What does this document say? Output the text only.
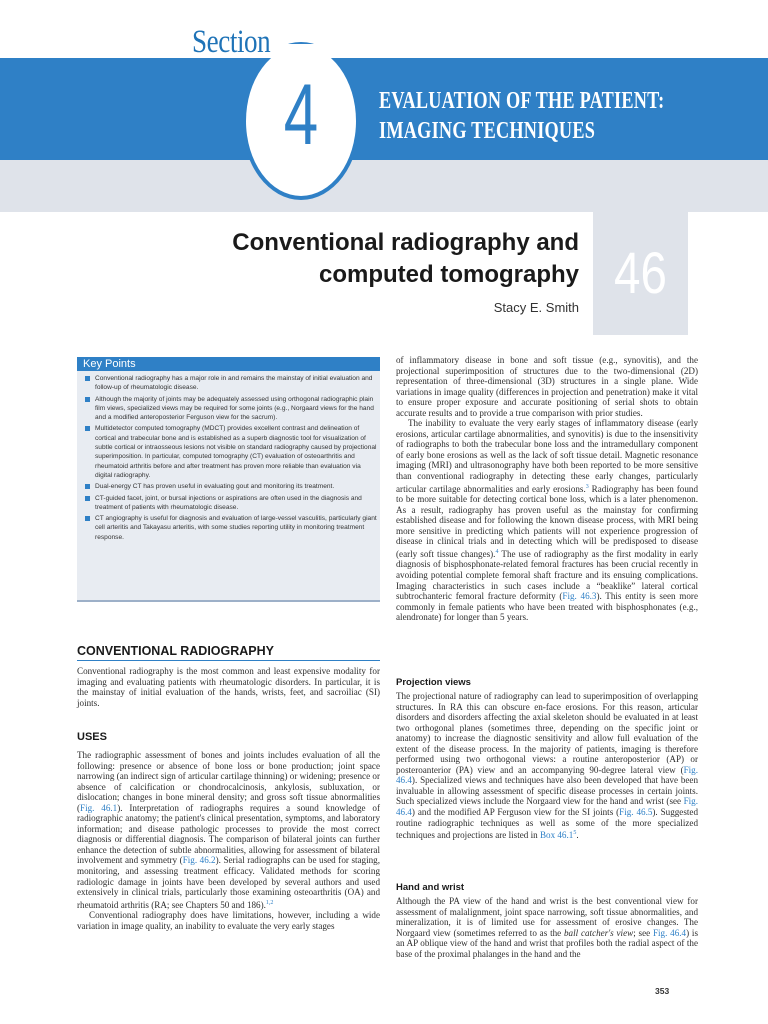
Section
4	EVALUATION OF THE PATIENT:
IMAGING TECHNIQUES
46
Conventional radiography and
computed tomography
Stacy E. Smith
Key Points
Conventional radiography has a major role in and remains the mainstay of initial evaluation and follow-up of rheumatologic disease.
Although the majority of joints may be adequately assessed using orthogonal radiographic plain film views, specialized views may be required for some joints (e.g., Norgaard views for the hand and a modified anteroposterior Ferguson view for the sacrum).
Multidetector computed tomography (MDCT) provides excellent contrast and delineation of cortical and trabecular bone and is established as a superb diagnostic tool for visualization of subtle cortical or intraosseous lesions not visible on standard radiography caused by projectional superimposition. In particular, computed tomography (CT) evaluation of osteoarthritis and rheumatoid arthritis before and after treatment has proven more reliable than evaluation via digital radiography.
Dual-energy CT has proven useful in evaluating gout and monitoring its treatment.
CT-guided facet, joint, or bursal injections or aspirations are often used in the diagnosis and treatment of patients with rheumatologic disease.
CT angiography is useful for diagnosis and evaluation of large-vessel vasculitis, particularly giant cell arteritis and Takayasu arteritis, with some studies reporting utility in monitoring treatment response.
CONVENTIONAL RADIOGRAPHY

Conventional radiography is the most common and least expensive modality for imaging and evaluating patients with rheumatologic disorders. In particular, it is the mainstay of initial evaluation of the hands, wrists, feet, and sacroiliac (SI) joints.

USES

The radiographic assessment of bones and joints includes evaluation of all the following: presence or absence of bone loss or bone production; joint space narrowing (an indirect sign of articular cartilage thinning) or widening; presence or absence of calcification or chondrocalcinosis, ankylosis, subluxation, or dislocation; changes in bone mineral density; and gross soft tissue abnormalities (Fig. 46.1). Interpretation of radiographs requires a sound knowledge of radiographic anatomy; the patient's clinical presentation, symptoms, and laboratory information; and disease pathologic processes to provide the most correct diagnosis or differential diagnosis. The comparison of bilateral joints can further enhance the detection of subtle abnormalities, allowing for assessment of bilateral involvement and symmetry (Fig. 46.2). Serial radiographs can be used for staging, monitoring, and assessing treatment efficacy. Validated methods for scoring radiologic damage in joints have been developed by several authors and used extensively in clinical trials, particularly those examining osteoarthritis (OA) and rheumatoid arthritis (RA; see Chapters 50 and 186).$^{1,2}$

Conventional radiography does have limitations, however, including a wide variation in image quality, an inability to evaluate the very early stages

of inflammatory disease in bone and soft tissue (e.g., synovitis), and the projectional superimposition of structures due to the two-dimensional (2D) representation of three-dimensional (3D) structures in a single plane. Wide variations in image quality (differences in projection and penetration) make it vital to ensure proper exposure and accurate positioning of serial shots to obtain accurate results and to provide a true comparison with prior studies.

The inability to evaluate the very early stages of inflammatory disease (early erosions, articular cartilage abnormalities, and synovitis) is due to the insensitivity of radiographs to both the trabecular bone loss and the intramedullary component of early bone erosions as well as the lack of soft tissue detail. Magnetic resonance imaging (MRI) and ultrasonography have both been reported to be more sensitive than conventional radiography in detecting these early changes, particularly articular cartilage abnormalities and early erosions.$^3$ Radiography has been found to be more suitable for detecting cortical bone loss, which is a later phenomenon. As a result, radiography has proven useful as the mainstay for confirming established disease and for following the known disease process, with MRI being more sensitive in predicting which patients will not experience progression of disease in clinical trials and in detecting which will be predisposed to disease (early soft tissue changes).$^4$ The use of radiography as the first modality in early diagnosis of bisphosphonate-related femoral fractures has been crucial recently in avoiding potential complete femoral shaft fracture and its ensuing complications. Imaging characteristics in such cases include a “beaklike” lateral cortical subtrochanteric femoral fracture deformity (Fig. 46.3). This entity is seen more commonly in female patients who have been treated with bisphosphonates (e.g., alendronate) for longer than 5 years.

Projection views

The projectional nature of radiography can lead to superimposition of overlapping structures. In RA this can obscure en-face erosions. For this reason, articular disorders and disorders affecting the axial skeleton should be evaluated in at least two orthogonal planes (sometimes three, depending on the specific joint or anatomy) to increase the diagnostic sensitivity and allow full evaluation of the extent of the disease process. In the majority of patients, imaging is therefore performed using two orthogonal views: a routine anteroposterior (AP) or posteroanterior (PA) view and an accompanying 90-degree lateral view (Fig. 46.4). Specialized views and techniques have also been developed that have been invaluable in allowing assessment of specific disease processes in certain joints. Such specialized views include the Norgaard view for the hand and wrist (see Fig. 46.4) and the modified AP Ferguson view for the SI joints (Fig. 46.5). Suggested routine radiographic techniques as well as some of the more specialized techniques and projections are listed in Box 46.1$^5$.

Hand and wrist

Although the PA view of the hand and wrist is the best conventional view for assessment of malalignment, joint space narrowing, soft tissue abnormalities, and mineralization, it is of limited use for assessment of erosive changes. The Norgaard view (sometimes referred to as the ball catcher's view; see Fig. 46.4) is an AP oblique view of the hand and wrist that profiles both the radial aspect of the base of the proximal phalanges in the hand and the

353
